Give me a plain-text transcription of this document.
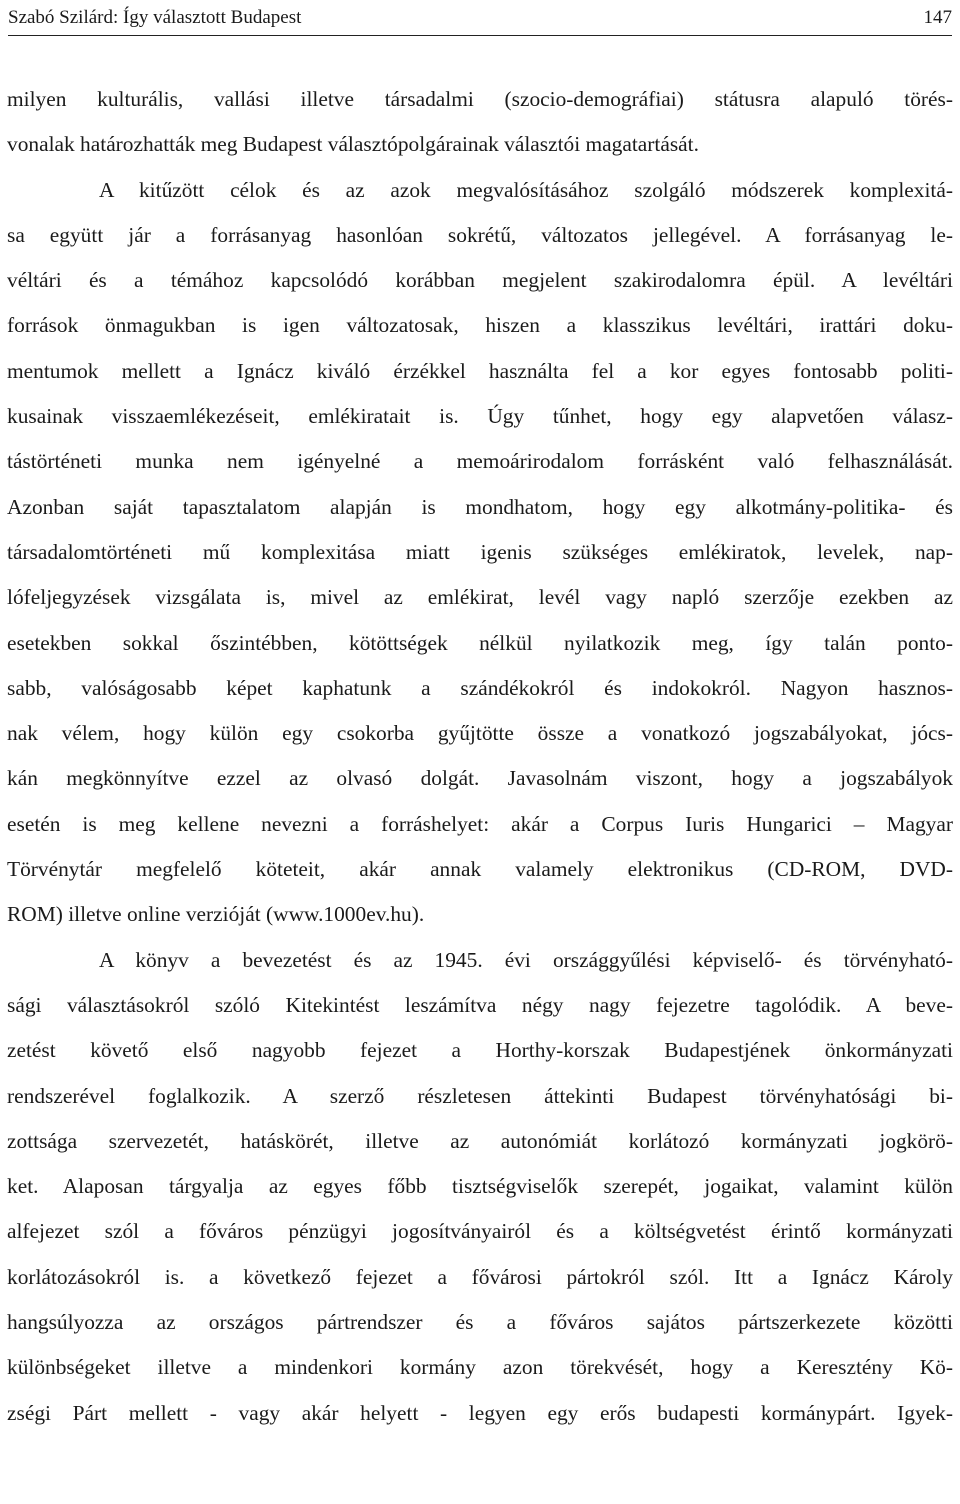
Szabó Szilárd: Így választott Budapest	147
milyen kulturális, vallási illetve társadalmi (szocio-demográfiai) státusra alapuló törés-
vonalak határozhatták meg Budapest választópolgárainak választói magatartását.
A kitűzött célok és az azok megvalósításához szolgáló módszerek komplexitá-
sa együtt jár a forrásanyag hasonlóan sokrétű, változatos jellegével. A forrásanyag le-
véltári és a témához kapcsolódó korábban megjelent szakirodalomra épül. A levéltári
források önmagukban is igen változatosak, hiszen a klasszikus levéltári, irattári doku-
mentumok mellett a Ignácz kiváló érzékkel használta fel a kor egyes fontosabb politi-
kusainak visszaemlékezéseit, emlékiratait is. Úgy tűnhet, hogy egy alapvetően válasz-
tástörténeti munka nem igényelné a memoárirodalom forrásként való felhasználását.
Azonban saját tapasztalatom alapján is mondhatom, hogy egy alkotmány-politika- és
társadalomtörténeti mű komplexitása miatt igenis szükséges emlékiratok, levelek, nap-
lófeljegyzések vizsgálata is, mivel az emlékirat, levél vagy napló szerzője ezekben az
esetekben sokkal őszintébben, kötöttségek nélkül nyilatkozik meg, így talán ponto-
sabb, valóságosabb képet kaphatunk a szándékokról és indokokról. Nagyon hasznos-
nak vélem, hogy külön egy csokorba gyűjtötte össze a vonatkozó jogszabályokat, jócs-
kán megkönnyítve ezzel az olvasó dolgát. Javasolnám viszont, hogy a jogszabályok
esetén is meg kellene nevezni a forráshelyet: akár a Corpus Iuris Hungarici – Magyar
Törvénytár megfelelő köteteit, akár annak valamely elektronikus (CD-ROM, DVD-
ROM) illetve online verzióját (www.1000ev.hu).
A könyv a bevezetést és az 1945. évi országgyűlési képviselő- és törvényható-
sági választásokról szóló Kitekintést leszámítva négy nagy fejezetre tagolódik. A beve-
zetést követő első nagyobb fejezet a Horthy-korszak Budapestjének önkormányzati
rendszerével foglalkozik. A szerző részletesen áttekinti Budapest törvényhatósági bi-
zottsága szervezetét, hatáskörét, illetve az autonómiát korlátozó kormányzati jogkörö-
ket. Alaposan tárgyalja az egyes főbb tisztségviselők szerepét, jogaikat, valamint külön
alfejezet szól a főváros pénzügyi jogosítványairól és a költségvetést érintő kormányzati
korlátozásokról is. a következő fejezet a fővárosi pártokról szól. Itt a Ignácz Károly
hangsúlyozza az országos pártrendszer és a főváros sajátos pártszerkezete közötti
különbségeket illetve a mindenkori kormány azon törekvését, hogy a Keresztény Kö-
zségi Párt mellett - vagy akár helyett - legyen egy erős budapesti kormánypárt. Igyek-
